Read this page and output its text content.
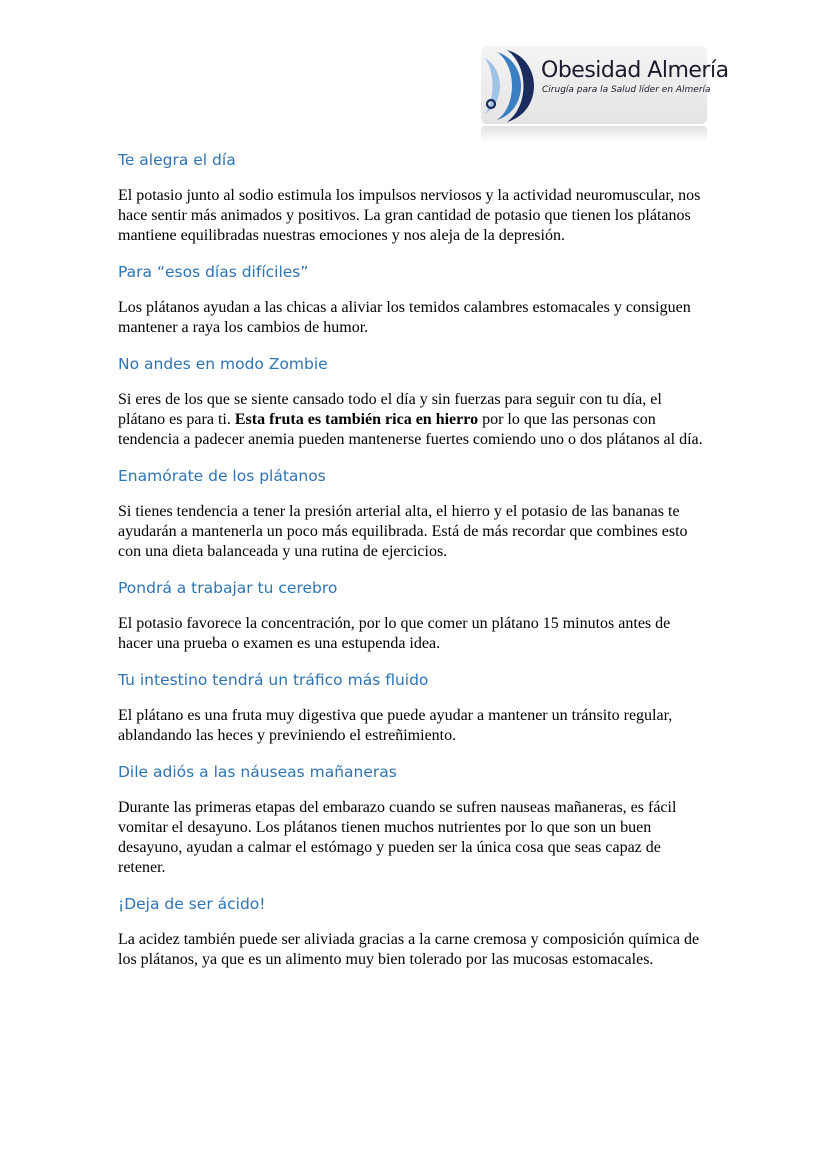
Obesidad Almería
Cirugía para la Salud líder en Almería
Te alegra el día

El potasio junto al sodio estimula los impulsos nerviosos y la actividad neuromuscular, nos hace sentir más animados y positivos. La gran cantidad de potasio que tienen los plátanos mantiene equilibradas nuestras emociones y nos aleja de la depresión.

Para “esos días difíciles”

Los plátanos ayudan a las chicas a aliviar los temidos calambres estomacales y consiguen mantener a raya los cambios de humor.

No andes en modo Zombie

Si eres de los que se siente cansado todo el día y sin fuerzas para seguir con tu día, el plátano es para ti. Esta fruta es también rica en hierro por lo que las personas con tendencia a padecer anemia pueden mantenerse fuertes comiendo uno o dos plátanos al día.

Enamórate de los plátanos

Si tienes tendencia a tener la presión arterial alta, el hierro y el potasio de las bananas te ayudarán a mantenerla un poco más equilibrada. Está de más recordar que combines esto con una dieta balanceada y una rutina de ejercicios.

Pondrá a trabajar tu cerebro

El potasio favorece la concentración, por lo que comer un plátano 15 minutos antes de hacer una prueba o examen es una estupenda idea.

Tu intestino tendrá un tráfico más fluido

El plátano es una fruta muy digestiva que puede ayudar a mantener un tránsito regular, ablandando las heces y previniendo el estreñimiento.

Dile adiós a las náuseas mañaneras

Durante las primeras etapas del embarazo cuando se sufren nauseas mañaneras, es fácil vomitar el desayuno. Los plátanos tienen muchos nutrientes por lo que son un buen desayuno, ayudan a calmar el estómago y pueden ser la única cosa que seas capaz de retener.

¡Deja de ser ácido!

La acidez también puede ser aliviada gracias a la carne cremosa y composición química de los plátanos, ya que es un alimento muy bien tolerado por las mucosas estomacales.
